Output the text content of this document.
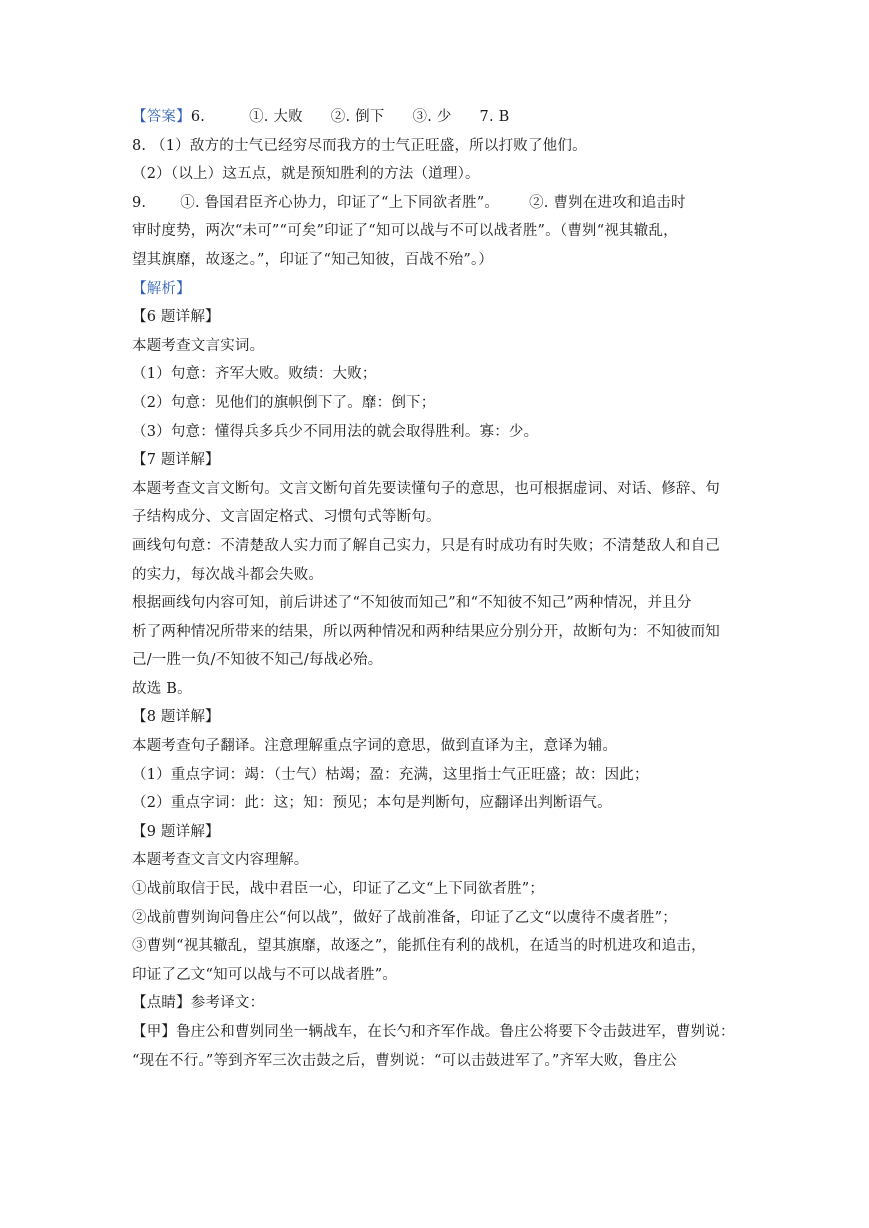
【答案】6.	①. 大败 ②. 倒下 ③. 少 7. B
8. （1）敌方的士气已经穷尽而我方的士气正旺盛，所以打败了他们。
（2）（以上）这五点，就是预知胜利的方法（道理）。
9. ①. 鲁国君臣齐心协力，印证了“上下同欲者胜”。 ②. 曹刿在进攻和追击时
审时度势，两次“未可”“可矣”印证了“知可以战与不可以战者胜”。（曹刿“视其辙乱，
望其旗靡，故逐之。”，印证了“知己知彼，百战不殆”。）
【解析】
【6 题详解】
本题考查文言实词。
（1）句意：齐军大败。败绩：大败；
（2）句意：见他们的旗帜倒下了。靡：倒下；
（3）句意：懂得兵多兵少不同用法的就会取得胜利。寡：少。
【7 题详解】
本题考查文言文断句。文言文断句首先要读懂句子的意思，也可根据虚词、对话、修辞、句
子结构成分、文言固定格式、习惯句式等断句。
画线句句意：不清楚敌人实力而了解自己实力，只是有时成功有时失败；不清楚敌人和自己
的实力，每次战斗都会失败。
根据画线句内容可知，前后讲述了“不知彼而知己”和“不知彼不知己”两种情况，并且分
析了两种情况所带来的结果，所以两种情况和两种结果应分别分开，故断句为：不知彼而知
己/一胜一负/不知彼不知己/每战必殆。
故选 B。
【8 题详解】
本题考查句子翻译。注意理解重点字词的意思，做到直译为主，意译为辅。
（1）重点字词：竭：（士气）枯竭；盈：充满，这里指士气正旺盛；故：因此；
（2）重点字词：此：这；知：预见；本句是判断句，应翻译出判断语气。
【9 题详解】
本题考查文言文内容理解。
①战前取信于民，战中君臣一心，印证了乙文“上下同欲者胜”；
②战前曹刿询问鲁庄公“何以战”，做好了战前准备，印证了乙文“以虞待不虞者胜”；
③曹刿“视其辙乱，望其旗靡，故逐之”，能抓住有利的战机，在适当的时机进攻和追击，
印证了乙文“知可以战与不可以战者胜”。
【点睛】参考译文：
【甲】鲁庄公和曹刿同坐一辆战车，在长勺和齐军作战。鲁庄公将要下令击鼓进军，曹刿说：
“现在不行。”等到齐军三次击鼓之后，曹刿说：“可以击鼓进军了。”齐军大败，鲁庄公
